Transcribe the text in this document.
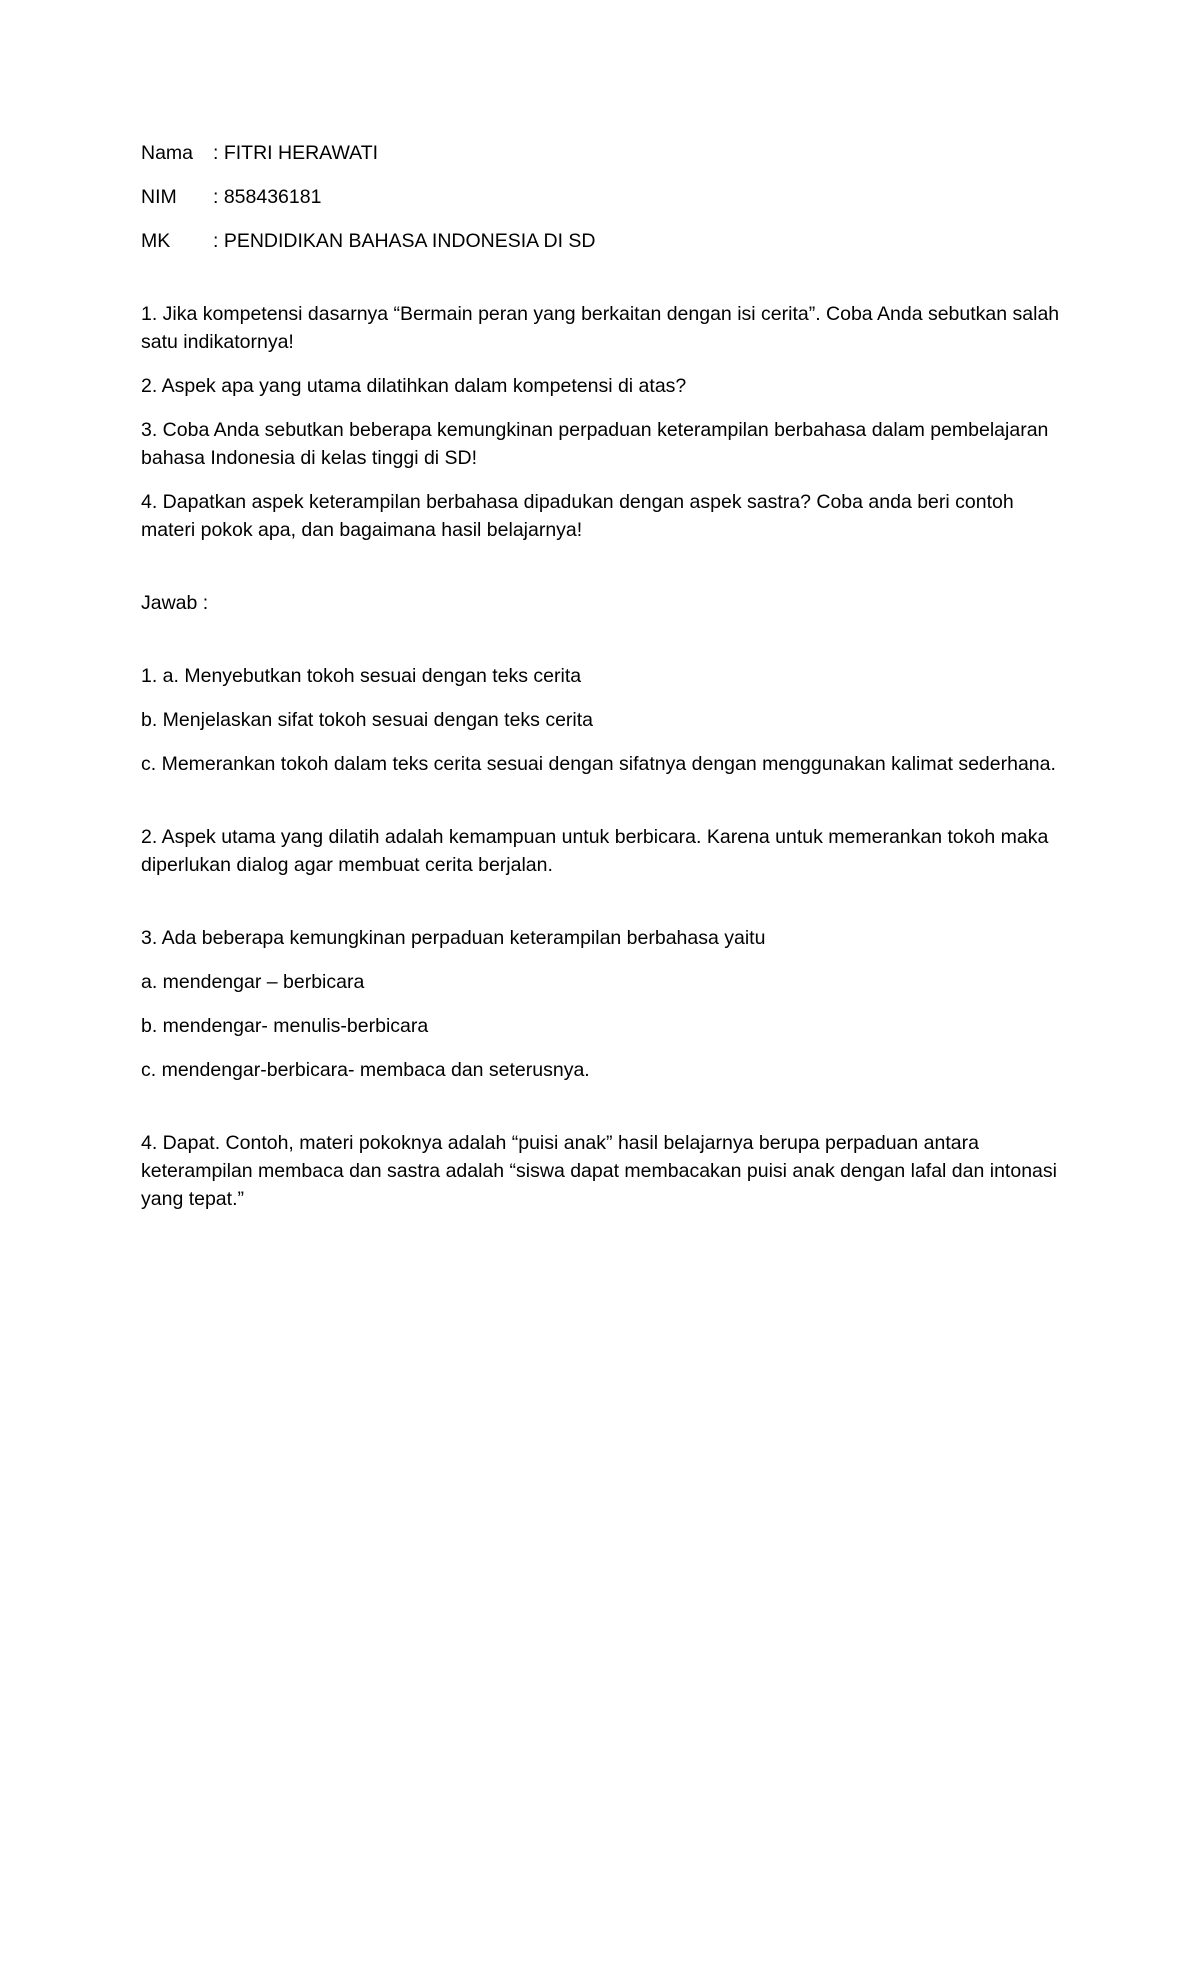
Nama	: FITRI HERAWATI
NIM	: 858436181
MK	: PENDIDIKAN BAHASA INDONESIA DI SD

1. Jika kompetensi dasarnya “Bermain peran yang berkaitan dengan isi cerita”. Coba Anda sebutkan salah satu indikatornya!

2. Aspek apa yang utama dilatihkan dalam kompetensi di atas?

3. Coba Anda sebutkan beberapa kemungkinan perpaduan keterampilan berbahasa dalam pembelajaran bahasa Indonesia di kelas tinggi di SD!

4. Dapatkan aspek keterampilan berbahasa dipadukan dengan aspek sastra? Coba anda beri contoh materi pokok apa, dan bagaimana hasil belajarnya!

Jawab :

1. a. Menyebutkan tokoh sesuai dengan teks cerita

b. Menjelaskan sifat tokoh sesuai dengan teks cerita

c. Memerankan tokoh dalam teks cerita sesuai dengan sifatnya dengan menggunakan kalimat sederhana.

2. Aspek utama yang dilatih adalah kemampuan untuk berbicara. Karena untuk memerankan tokoh maka diperlukan dialog agar membuat cerita berjalan.

3. Ada beberapa kemungkinan perpaduan keterampilan berbahasa yaitu

a. mendengar – berbicara

b. mendengar- menulis-berbicara

c. mendengar-berbicara- membaca dan seterusnya.

4. Dapat. Contoh, materi pokoknya adalah “puisi anak” hasil belajarnya berupa perpaduan antara keterampilan membaca dan sastra adalah “siswa dapat membacakan puisi anak dengan lafal dan intonasi yang tepat.”
